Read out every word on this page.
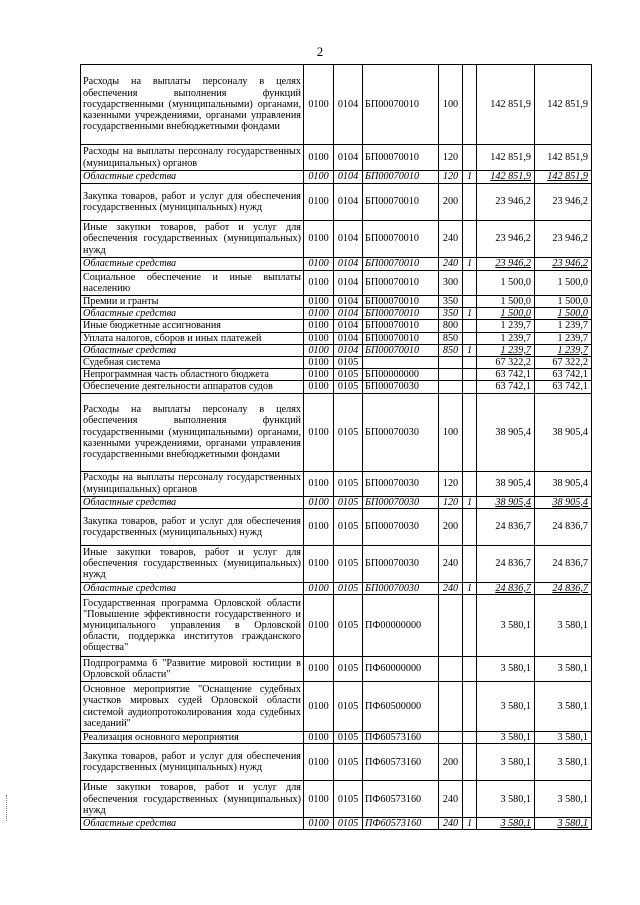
2
Расходы на выплаты персоналу в целях обеспечения выполнения функций государственными (муниципальными) органами, казенными учреждениями, органами управления государственными внебюджетными фондами	0100	0104	БП00070010	100		142 851,9	142 851,9
Расходы на выплаты персоналу государственных (муниципальных) органов	0100	0104	БП00070010	120		142 851,9	142 851,9
Областные средства	0100	0104	БП00070010	120	1	142 851,9	142 851,9
Закупка товаров, работ и услуг для обеспечения государственных (муниципальных) нужд	0100	0104	БП00070010	200		23 946,2	23 946,2
Иные закупки товаров, работ и услуг для обеспечения государственных (муниципальных) нужд	0100	0104	БП00070010	240		23 946,2	23 946,2
Областные средства	0100	0104	БП00070010	240	1	23 946,2	23 946,2
Социальное обеспечение и иные выплаты населению	0100	0104	БП00070010	300		1 500,0	1 500,0
Премии и гранты	0100	0104	БП00070010	350		1 500,0	1 500,0
Областные средства	0100	0104	БП00070010	350	1	1 500,0	1 500,0
Иные бюджетные ассигнования	0100	0104	БП00070010	800		1 239,7	1 239,7
Уплата налогов, сборов и иных платежей	0100	0104	БП00070010	850		1 239,7	1 239,7
Областные средства	0100	0104	БП00070010	850	1	1 239,7	1 239,7
Судебная система	0100	0105				67 322,2	67 322,2
Непрограммная часть областного бюджета	0100	0105	БП00000000			63 742,1	63 742,1
Обеспечение деятельности аппаратов судов	0100	0105	БП00070030			63 742,1	63 742,1
Расходы на выплаты персоналу в целях обеспечения выполнения функций государственными (муниципальными) органами, казенными учреждениями, органами управления государственными внебюджетными фондами	0100	0105	БП00070030	100		38 905,4	38 905,4
Расходы на выплаты персоналу государственных (муниципальных) органов	0100	0105	БП00070030	120		38 905,4	38 905,4
Областные средства	0100	0105	БП00070030	120	1	38 905,4	38 905,4
Закупка товаров, работ и услуг для обеспечения государственных (муниципальных) нужд	0100	0105	БП00070030	200		24 836,7	24 836,7
Иные закупки товаров, работ и услуг для обеспечения государственных (муниципальных) нужд	0100	0105	БП00070030	240		24 836,7	24 836,7
Областные средства	0100	0105	БП00070030	240	1	24 836,7	24 836,7
Государственная программа Орловской области "Повышение эффективности государственного и муниципального управления в Орловской области, поддержка институтов гражданского общества"	0100	0105	ПФ00000000			3 580,1	3 580,1
Подпрограмма 6 "Развитие мировой юстиции в Орловской области"	0100	0105	ПФ60000000			3 580,1	3 580,1
Основное мероприятие "Оснащение судебных участков мировых судей Орловской области системой аудиопротоколирования хода судебных заседаний"	0100	0105	ПФ60500000			3 580,1	3 580,1
Реализация основного мероприятия	0100	0105	ПФ60573160			3 580,1	3 580,1
Закупка товаров, работ и услуг для обеспечения государственных (муниципальных) нужд	0100	0105	ПФ60573160	200		3 580,1	3 580,1
Иные закупки товаров, работ и услуг для обеспечения государственных (муниципальных) нужд	0100	0105	ПФ60573160	240		3 580,1	3 580,1
Областные средства	0100	0105	ПФ60573160	240	1	3 580,1	3 580,1
